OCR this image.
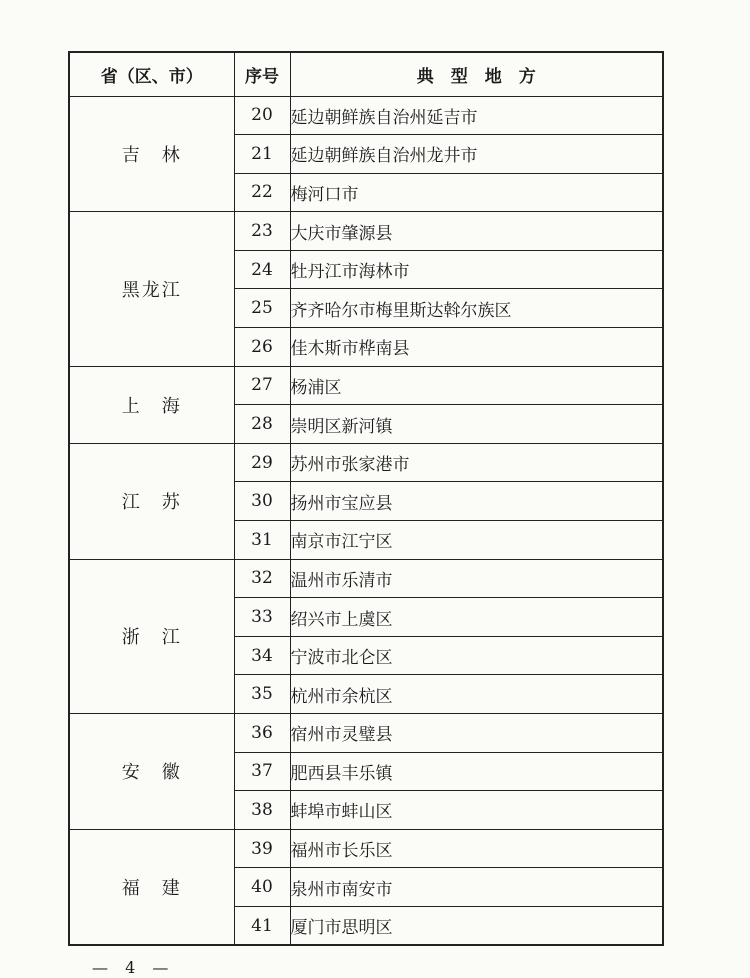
省（区、市）	序号	典　型　地　方
吉　林	20	延边朝鲜族自治州延吉市
	21	延边朝鲜族自治州龙井市
	22	梅河口市
黑龙江	23	大庆市肇源县
	24	牡丹江市海林市
	25	齐齐哈尔市梅里斯达斡尔族区
	26	佳木斯市桦南县
上　海	27	杨浦区
	28	崇明区新河镇
江　苏	29	苏州市张家港市
	30	扬州市宝应县
	31	南京市江宁区
浙　江	32	温州市乐清市
	33	绍兴市上虞区
	34	宁波市北仑区
	35	杭州市余杭区
安　徽	36	宿州市灵璧县
	37	肥西县丰乐镇
	38	蚌埠市蚌山区
福　建	39	福州市长乐区
	40	泉州市南安市
	41	厦门市思明区
— 4 —
